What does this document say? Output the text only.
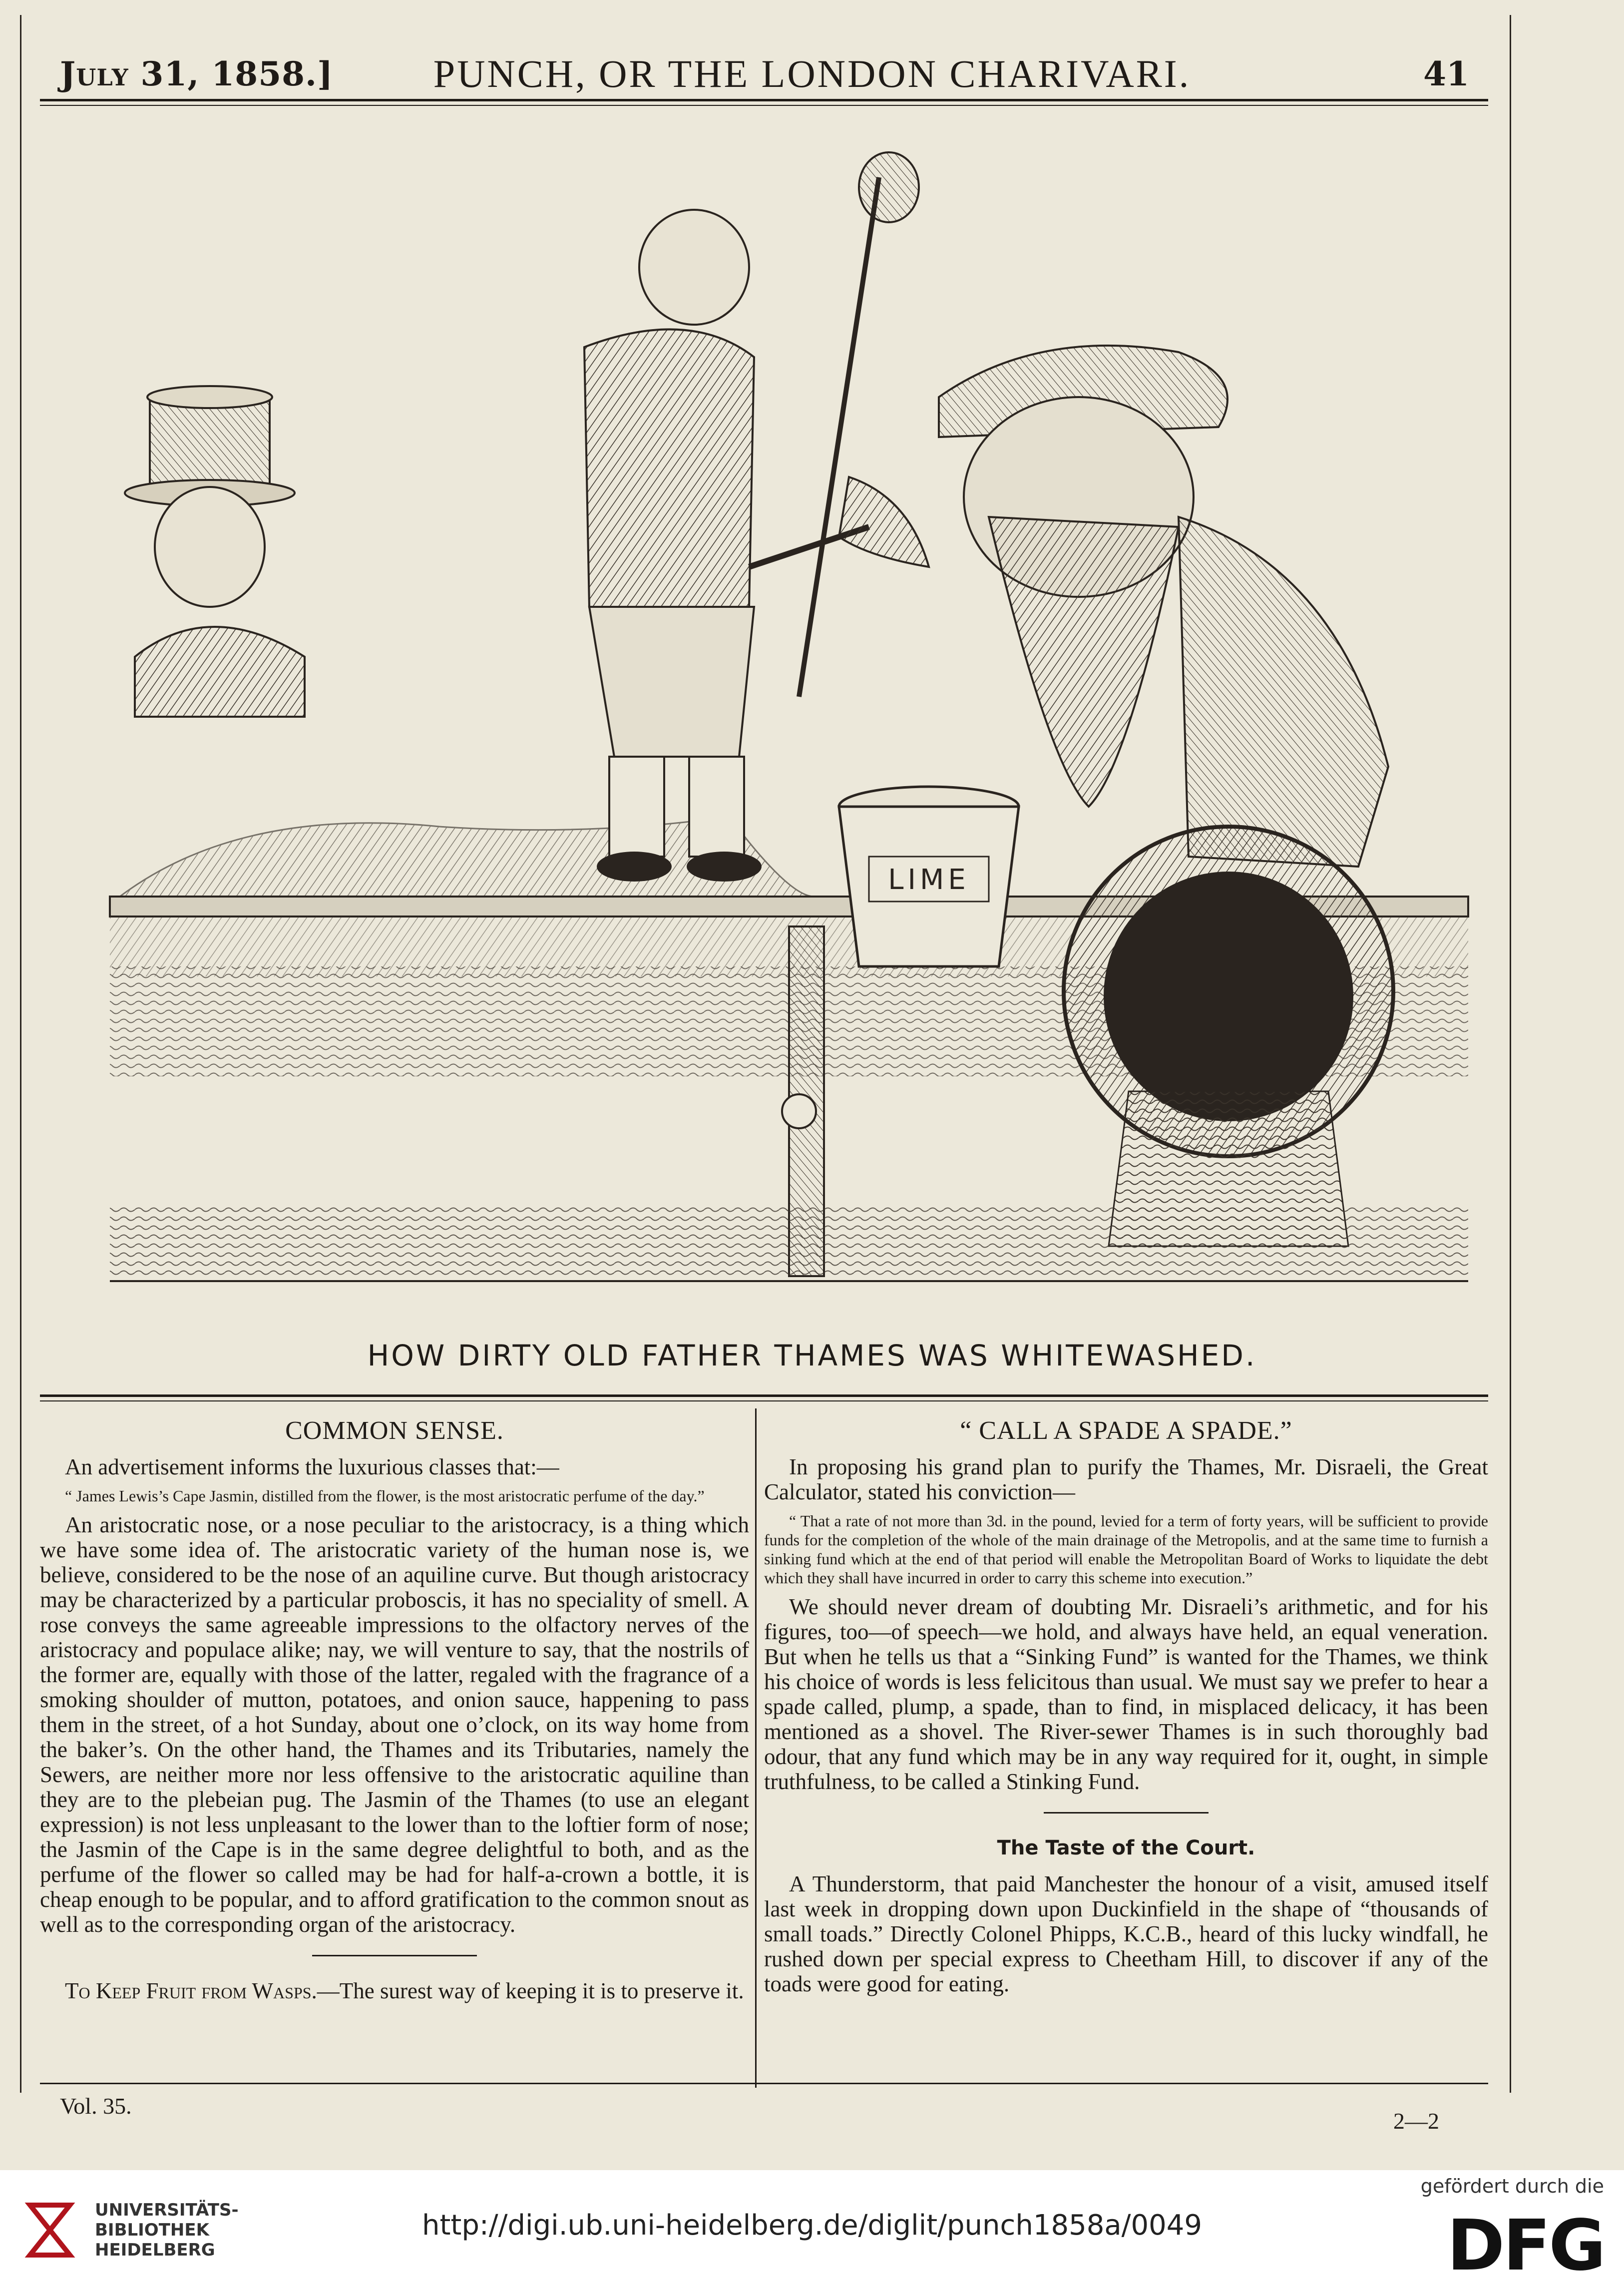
July 31, 1858.]	PUNCH, OR THE LONDON CHARIVARI.	41
LIME
HOW DIRTY OLD FATHER THAMES WAS WHITEWASHED.
COMMON SENSE.

An advertisement informs the luxurious classes that:—

“ James Lewis’s Cape Jasmin, distilled from the flower, is the most aristocratic perfume of the day.”

An aristocratic nose, or a nose peculiar to the aristocracy, is a thing which we have some idea of. The aristocratic variety of the human nose is, we believe, considered to be the nose of an aquiline curve. But though aristocracy may be characterized by a particular proboscis, it has no speciality of smell. A rose conveys the same agreeable impressions to the olfactory nerves of the aristocracy and populace alike; nay, we will venture to say, that the nostrils of the former are, equally with those of the latter, regaled with the fragrance of a smoking shoulder of mutton, potatoes, and onion sauce, happening to pass them in the street, of a hot Sunday, about one o’clock, on its way home from the baker’s. On the other hand, the Thames and its Tributaries, namely the Sewers, are neither more nor less offensive to the aristocratic aquiline than they are to the plebeian pug. The Jasmin of the Thames (to use an elegant expression) is not less unpleasant to the lower than to the loftier form of nose; the Jasmin of the Cape is in the same degree delightful to both, and as the perfume of the flower so called may be had for half-a-crown a bottle, it is cheap enough to be popular, and to afford gratification to the common snout as well as to the corresponding organ of the aristocracy.

To Keep Fruit from Wasps.—The surest way of keeping it is to preserve it.

“ CALL A SPADE A SPADE.”

In proposing his grand plan to purify the Thames, Mr. Disraeli, the Great Calculator, stated his conviction—

“ That a rate of not more than 3d. in the pound, levied for a term of forty years, will be sufficient to provide funds for the completion of the whole of the main drainage of the Metropolis, and at the same time to furnish a sinking fund which at the end of that period will enable the Metropolitan Board of Works to liquidate the debt which they shall have incurred in order to carry this scheme into execution.”

We should never dream of doubting Mr. Disraeli’s arithmetic, and for his figures, too—of speech—we hold, and always have held, an equal veneration. But when he tells us that a “Sinking Fund” is wanted for the Thames, we think his choice of words is less felicitous than usual. We must say we prefer to hear a spade called, plump, a spade, than to find, in misplaced delicacy, it has been mentioned as a shovel. The River-sewer Thames is in such thoroughly bad odour, that any fund which may be in any way required for it, ought, in simple truthfulness, to be called a Stinking Fund.

The Taste of the Court.

A Thunderstorm, that paid Manchester the honour of a visit, amused itself last week in dropping down upon Duckinfield in the shape of “thousands of small toads.” Directly Colonel Phipps, K.C.B., heard of this lucky windfall, he rushed down per special express to Cheetham Hill, to discover if any of the toads were good for eating.

Vol. 35.
2—2
UNIVERSITÄTS-
BIBLIOTHEK
HEIDELBERG
http://digi.ub.uni-heidelberg.de/diglit/punch1858a/0049
gefördert durch die
DFG
